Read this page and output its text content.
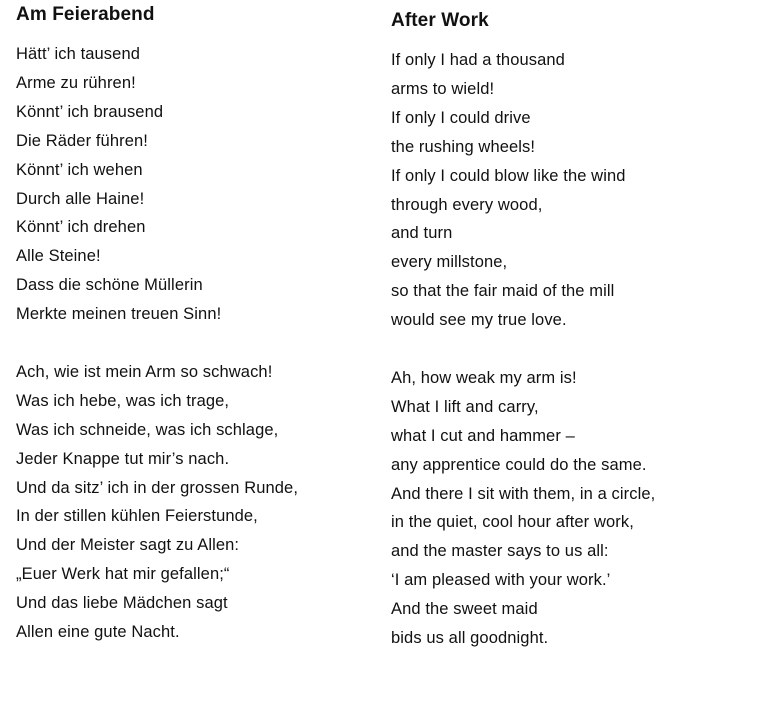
Am Feierabend
Hätt’ ich tausend
Arme zu rühren!
Könnt’ ich brausend
Die Räder führen!
Könnt’ ich wehen
Durch alle Haine!
Könnt’ ich drehen
Alle Steine!
Dass die schöne Müllerin
Merkte meinen treuen Sinn!
Ach, wie ist mein Arm so schwach!
Was ich hebe, was ich trage,
Was ich schneide, was ich schlage,
Jeder Knappe tut mir’s nach.
Und da sitz’ ich in der grossen Runde,
In der stillen kühlen Feierstunde,
Und der Meister sagt zu Allen:
„Euer Werk hat mir gefallen;“
Und das liebe Mädchen sagt
Allen eine gute Nacht.
After Work
If only I had a thousand
arms to wield!
If only I could drive
the rushing wheels!
If only I could blow like the wind
through every wood,
and turn
every millstone,
so that the fair maid of the mill
would see my true love.
Ah, how weak my arm is!
What I lift and carry,
what I cut and hammer –
any apprentice could do the same.
And there I sit with them, in a circle,
in the quiet, cool hour after work,
and the master says to us all:
‘I am pleased with your work.’
And the sweet maid
bids us all goodnight.
